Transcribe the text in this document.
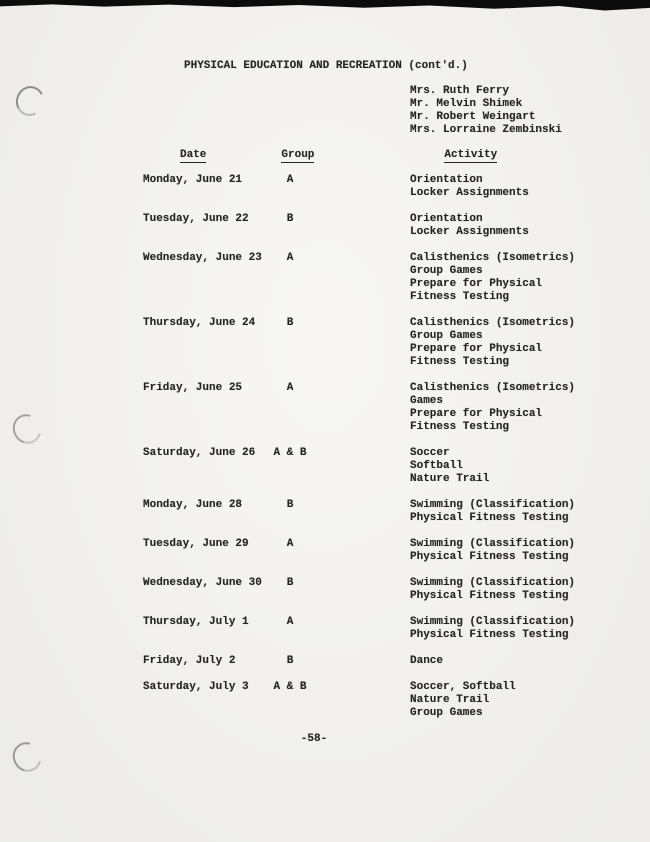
PHYSICAL EDUCATION AND RECREATION (cont'd.)
Mrs. Ruth Ferry
Mr. Melvin Shimek
Mr. Robert Weingart
Mrs. Lorraine Zembinski
Date	Group	Activity
Monday, June 21	A	Orientation
Locker Assignments
Tuesday, June 22	B	Orientation
Locker Assignments
Wednesday, June 23	A	Calisthenics (Isometrics)
Group Games
Prepare for Physical
Fitness Testing
Thursday, June 24	B	Calisthenics (Isometrics)
Group Games
Prepare for Physical
Fitness Testing
Friday, June 25	A	Calisthenics (Isometrics)
Games
Prepare for Physical
Fitness Testing
Saturday, June 26	A & B	Soccer
Softball
Nature Trail
Monday, June 28	B	Swimming (Classification)
Physical Fitness Testing
Tuesday, June 29	A	Swimming (Classification)
Physical Fitness Testing
Wednesday, June 30	B	Swimming (Classification)
Physical Fitness Testing
Thursday, July 1	A	Swimming (Classification)
Physical Fitness Testing
Friday, July 2	B	Dance
Saturday, July 3	A & B	Soccer, Softball
Nature Trail
Group Games
-58-
